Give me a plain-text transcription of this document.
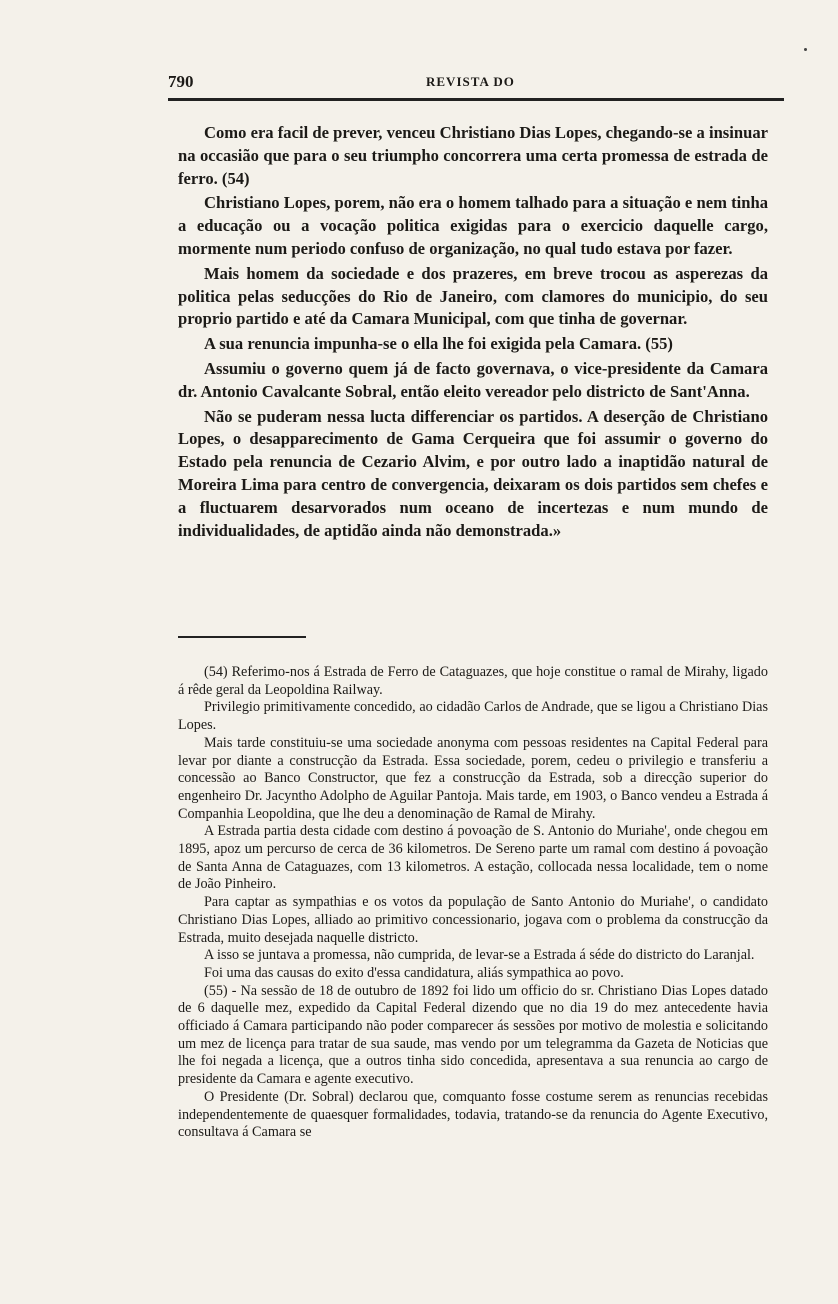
790	REVISTA DO

Como era facil de prever, venceu Christiano Dias Lopes, chegando-se a insinuar na occasião que para o seu triumpho concorrera uma certa promessa de estrada de ferro. (54)

Christiano Lopes, porem, não era o homem talhado para a situação e nem tinha a educação ou a vocação politica exigidas para o exercicio daquelle cargo, mormente num periodo confuso de organização, no qual tudo estava por fazer.

Mais homem da sociedade e dos prazeres, em breve trocou as asperezas da politica pelas seducções do Rio de Janeiro, com clamores do municipio, do seu proprio partido e até da Camara Municipal, com que tinha de governar.

A sua renuncia impunha-se o ella lhe foi exigida pela Camara. (55)

Assumiu o governo quem já de facto governava, o vice-presidente da Camara dr. Antonio Cavalcante Sobral, então eleito vereador pelo districto de Sant'Anna.

Não se puderam nessa lucta differenciar os partidos. A deserção de Christiano Lopes, o desapparecimento de Gama Cerqueira que foi assumir o governo do Estado pela renuncia de Cezario Alvim, e por outro lado a inaptidão natural de Moreira Lima para centro de convergencia, deixaram os dois partidos sem chefes e a fluctuarem desarvorados num oceano de incertezas e num mundo de individualidades, de aptidão ainda não demonstrada.»

(54) Referimo-nos á Estrada de Ferro de Cataguazes, que hoje constitue o ramal de Mirahy, ligado á rêde geral da Leopoldina Railway.

Privilegio primitivamente concedido, ao cidadão Carlos de Andrade, que se ligou a Christiano Dias Lopes.

Mais tarde constituiu-se uma sociedade anonyma com pessoas residentes na Capital Federal para levar por diante a construcção da Estrada. Essa sociedade, porem, cedeu o privilegio e transferiu a concessão ao Banco Constructor, que fez a construcção da Estrada, sob a direcção superior do engenheiro Dr. Jacyntho Adolpho de Aguilar Pantoja. Mais tarde, em 1903, o Banco vendeu a Estrada á Companhia Leopoldina, que lhe deu a denominação de Ramal de Mirahy.

A Estrada partia desta cidade com destino á povoação de S. Antonio do Muriahe', onde chegou em 1895, apoz um percurso de cerca de 36 kilometros. De Sereno parte um ramal com destino á povoação de Santa Anna de Cataguazes, com 13 kilometros. A estação, collocada nessa localidade, tem o nome de João Pinheiro.

Para captar as sympathias e os votos da população de Santo Antonio do Muriahe', o candidato Christiano Dias Lopes, alliado ao primitivo concessionario, jogava com o problema da construcção da Estrada, muito desejada naquelle districto.

A isso se juntava a promessa, não cumprida, de levar-se a Estrada á séde do districto do Laranjal.

Foi uma das causas do exito d'essa candidatura, aliás sympathica ao povo.

(55) - Na sessão de 18 de outubro de 1892 foi lido um officio do sr. Christiano Dias Lopes datado de 6 daquelle mez, expedido da Capital Federal dizendo que no dia 19 do mez antecedente havia officiado á Camara participando não poder comparecer ás sessões por motivo de molestia e solicitando um mez de licença para tratar de sua saude, mas vendo por um telegramma da Gazeta de Noticias que lhe foi negada a licença, que a outros tinha sido concedida, apresentava a sua renuncia ao cargo de presidente da Camara e agente executivo.

O Presidente (Dr. Sobral) declarou que, comquanto fosse costume serem as renuncias recebidas independentemente de quaesquer formalidades, todavia, tratando-se da renuncia do Agente Executivo, consultava á Camara se
